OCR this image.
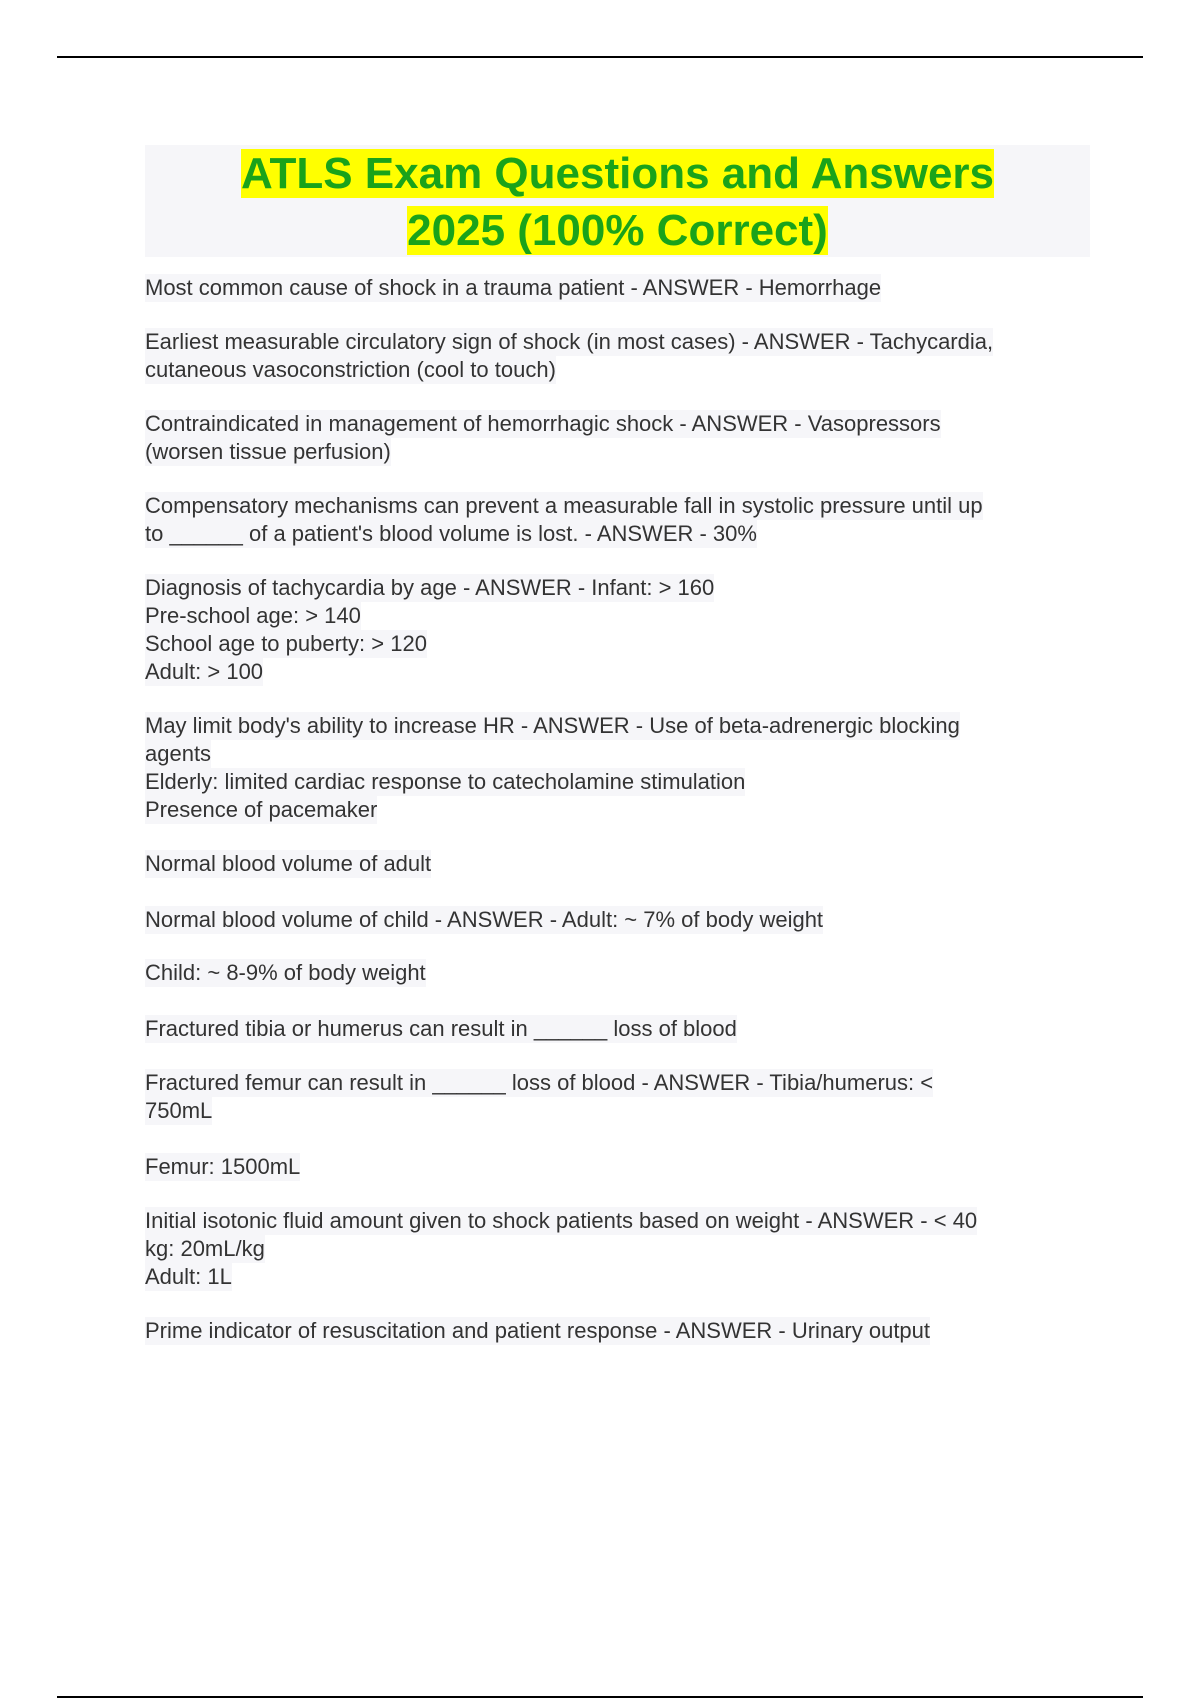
ATLS Exam Questions and Answers
2025 (100% Correct)
Most common cause of shock in a trauma patient - ANSWER - Hemorrhage
Earliest measurable circulatory sign of shock (in most cases) - ANSWER - Tachycardia,
cutaneous vasoconstriction (cool to touch)
Contraindicated in management of hemorrhagic shock - ANSWER - Vasopressors
(worsen tissue perfusion)
Compensatory mechanisms can prevent a measurable fall in systolic pressure until up
to ______ of a patient's blood volume is lost. - ANSWER - 30%
Diagnosis of tachycardia by age - ANSWER - Infant: > 160
Pre-school age: > 140
School age to puberty: > 120
Adult: > 100
May limit body's ability to increase HR - ANSWER - Use of beta-adrenergic blocking
agents
Elderly: limited cardiac response to catecholamine stimulation
Presence of pacemaker
Normal blood volume of adult
Normal blood volume of child - ANSWER - Adult: ~ 7% of body weight
Child: ~ 8-9% of body weight
Fractured tibia or humerus can result in ______ loss of blood
Fractured femur can result in ______ loss of blood - ANSWER - Tibia/humerus: <
750mL
Femur: 1500mL
Initial isotonic fluid amount given to shock patients based on weight - ANSWER - < 40
kg: 20mL/kg
Adult: 1L
Prime indicator of resuscitation and patient response - ANSWER - Urinary output
